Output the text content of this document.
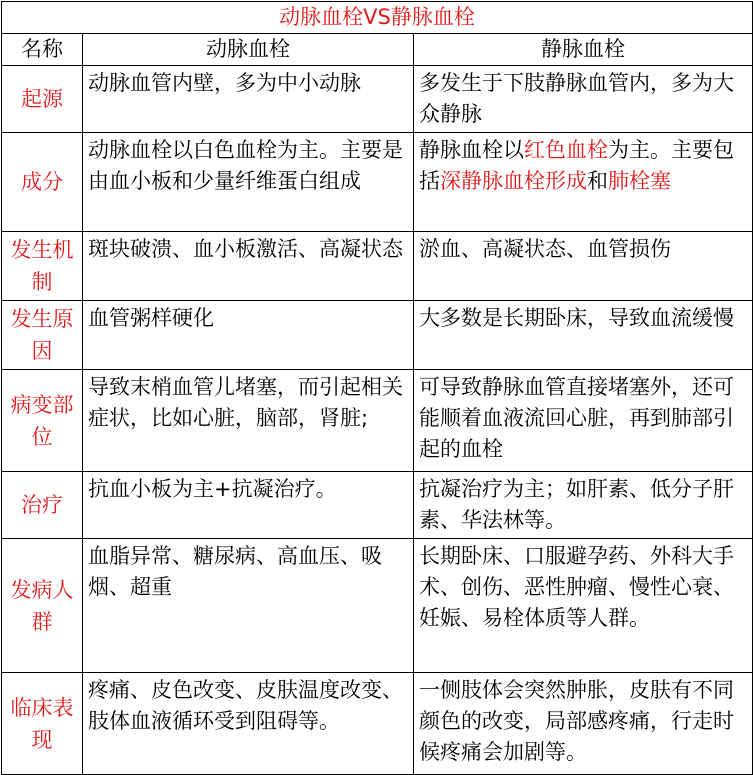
动脉血栓VS静脉血栓		
名称	动脉血栓	静脉血栓
起源	动脉血管内壁，多为中小动脉	多发生于下肢静脉血管内，多为大众静脉
成分	动脉血栓以白色血栓为主。主要是由血小板和少量纤维蛋白组成	静脉血栓以红色血栓为主。主要包括深静脉血栓形成和肺栓塞
发生机制	斑块破溃、血小板激活、高凝状态	淤血、高凝状态、血管损伤
发生原因	血管粥样硬化	大多数是长期卧床，导致血流缓慢
病变部位	导致末梢血管儿堵塞，而引起相关症状，比如心脏，脑部，肾脏;	可导致静脉血管直接堵塞外，还可能顺着血液流回心脏，再到肺部引起的血栓
治疗	抗血小板为主+抗凝治疗。	抗凝治疗为主；如肝素、低分子肝素、华法林等。
发病人群	血脂异常、糖尿病、高血压、吸烟、超重	长期卧床、口服避孕药、外科大手术、创伤、恶性肿瘤、慢性心衰、妊娠、易栓体质等人群。
临床表现	疼痛、皮色改变、皮肤温度改变、肢体血液循环受到阻碍等。	一侧肢体会突然肿胀，皮肤有不同颜色的改变，局部感疼痛，行走时候疼痛会加剧等。
